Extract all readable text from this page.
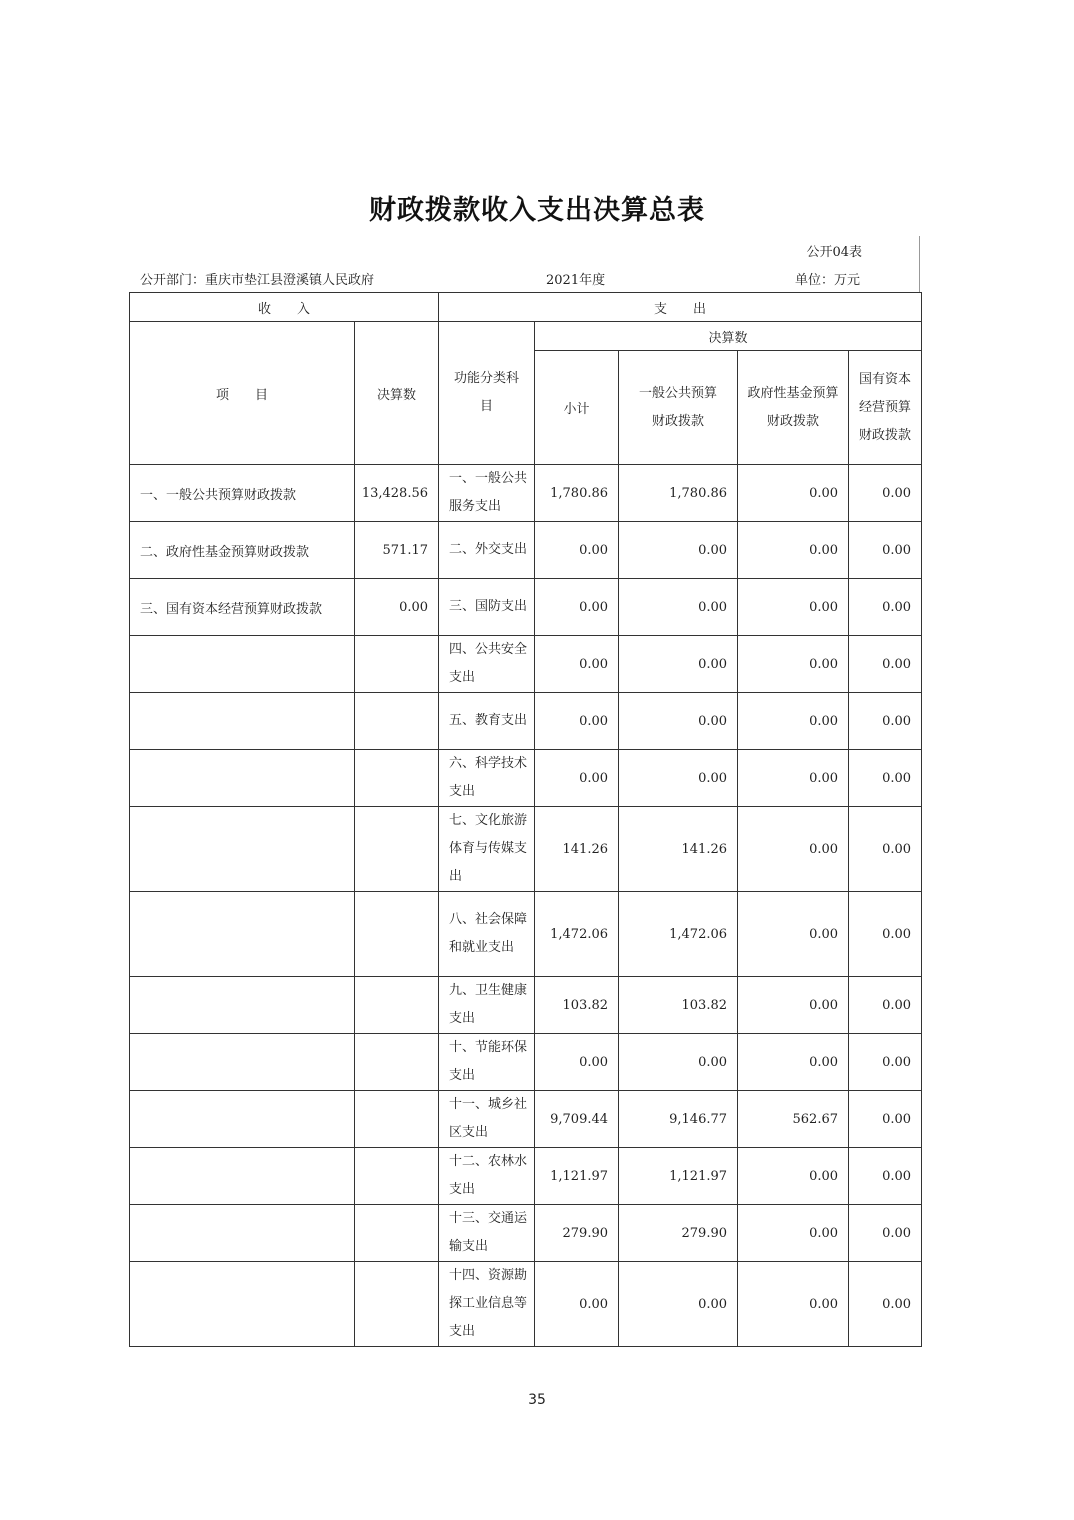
财政拨款收入支出决算总表
公开04表
公开部门：重庆市垫江县澄溪镇人民政府	2021年度	单位：万元
收　　入		支　　出				
项　　目	决算数	功能分类科目	决算数			
			小计	一般公共预算财政拨款	政府性基金预算财政拨款	国有资本经营预算财政拨款

一、一般公共预算财政拨款	13,428.56	一、一般公共服务支出	1,780.86	1,780.86	0.00	0.00
二、政府性基金预算财政拨款	571.17	二、外交支出	0.00	0.00	0.00	0.00
三、国有资本经营预算财政拨款	0.00	三、国防支出	0.00	0.00	0.00	0.00
		四、公共安全支出	0.00	0.00	0.00	0.00
		五、教育支出	0.00	0.00	0.00	0.00
		六、科学技术支出	0.00	0.00	0.00	0.00
		七、文化旅游体育与传媒支出	141.26	141.26	0.00	0.00
		八、社会保障和就业支出	1,472.06	1,472.06	0.00	0.00
		九、卫生健康支出	103.82	103.82	0.00	0.00
		十、节能环保支出	0.00	0.00	0.00	0.00
		十一、城乡社区支出	9,709.44	9,146.77	562.67	0.00
		十二、农林水支出	1,121.97	1,121.97	0.00	0.00
		十三、交通运输支出	279.90	279.90	0.00	0.00
		十四、资源勘探工业信息等支出	0.00	0.00	0.00	0.00
35
